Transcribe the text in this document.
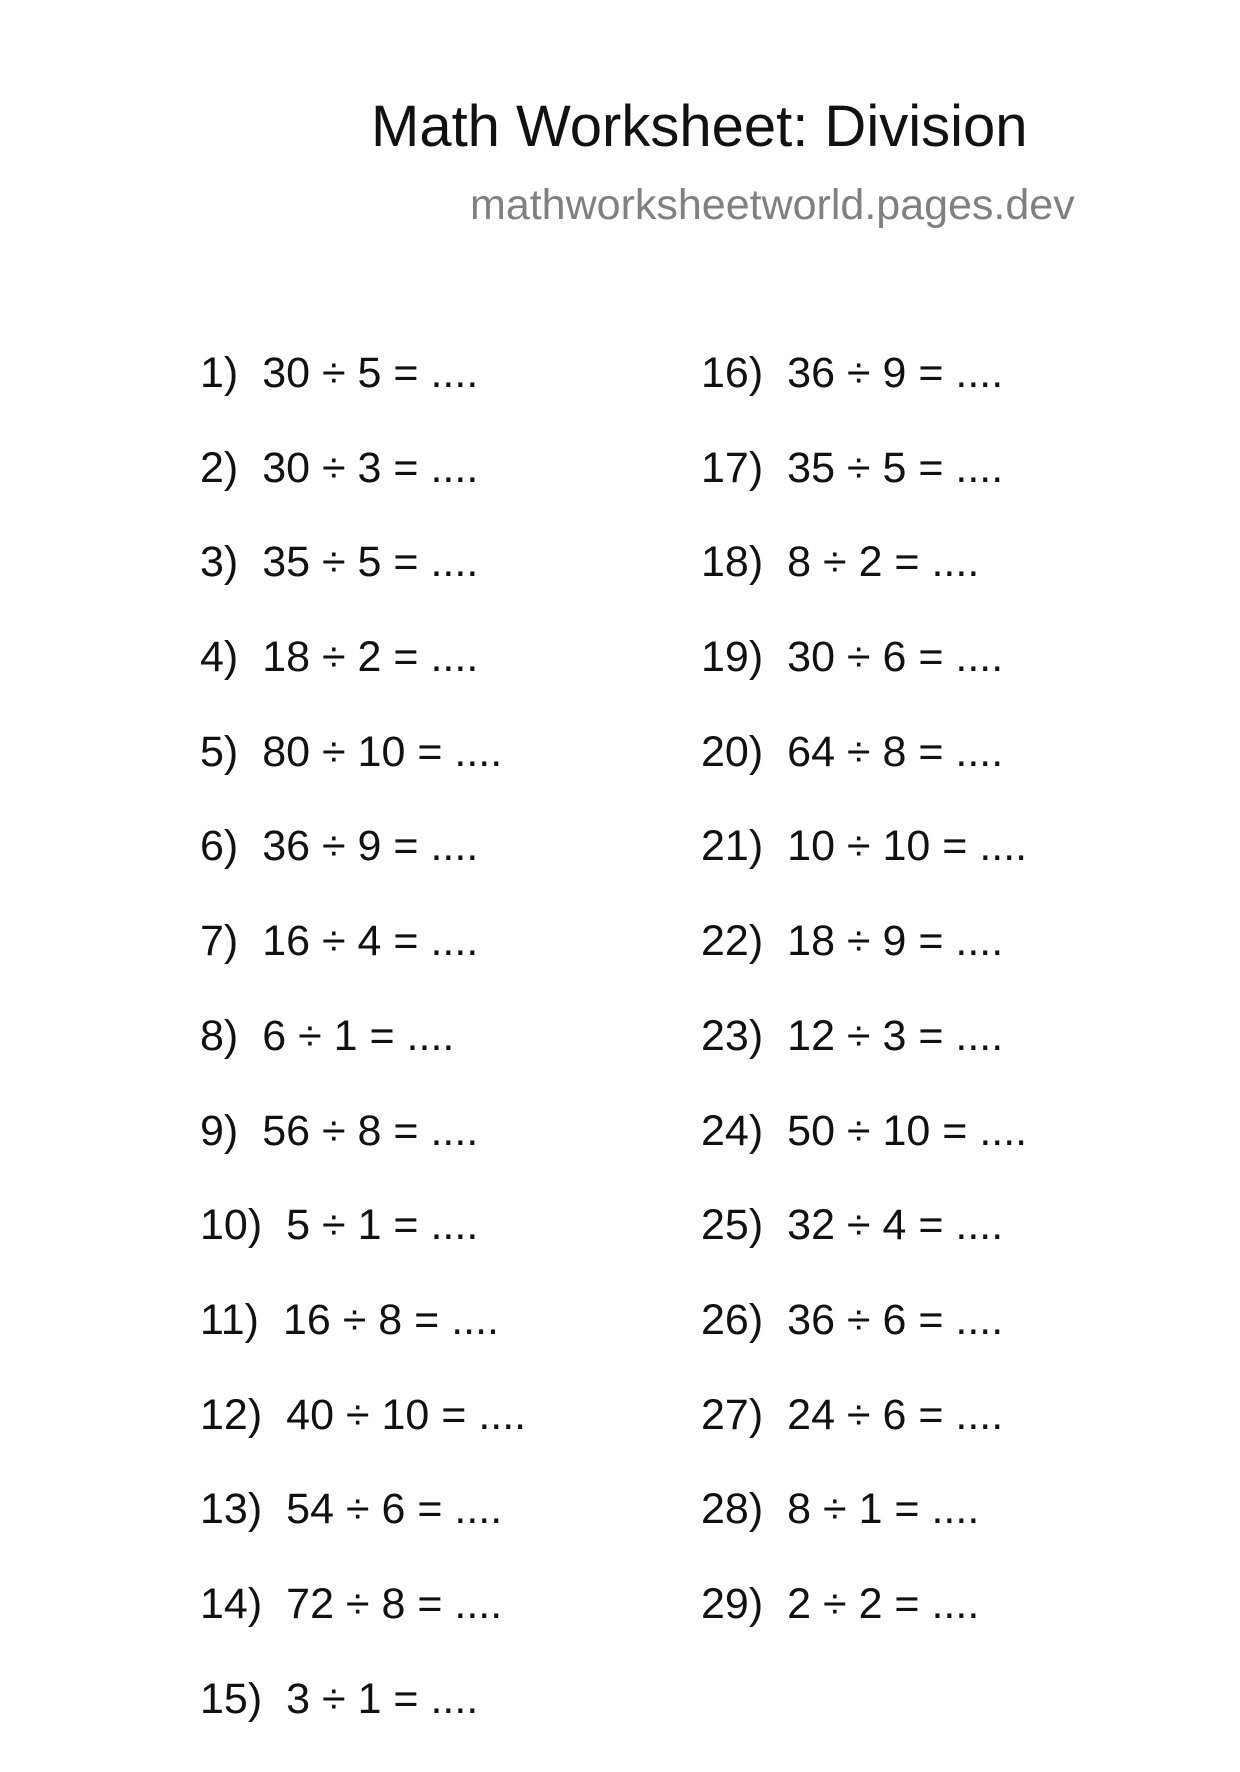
Math Worksheet: Division
mathworksheetworld.pages.dev
1) 30 ÷ 5 = ....
2) 30 ÷ 3 = ....
3) 35 ÷ 5 = ....
4) 18 ÷ 2 = ....
5) 80 ÷ 10 = ....
6) 36 ÷ 9 = ....
7) 16 ÷ 4 = ....
8) 6 ÷ 1 = ....
9) 56 ÷ 8 = ....
10) 5 ÷ 1 = ....
11) 16 ÷ 8 = ....
12) 40 ÷ 10 = ....
13) 54 ÷ 6 = ....
14) 72 ÷ 8 = ....
15) 3 ÷ 1 = ....
16) 36 ÷ 9 = ....
17) 35 ÷ 5 = ....
18) 8 ÷ 2 = ....
19) 30 ÷ 6 = ....
20) 64 ÷ 8 = ....
21) 10 ÷ 10 = ....
22) 18 ÷ 9 = ....
23) 12 ÷ 3 = ....
24) 50 ÷ 10 = ....
25) 32 ÷ 4 = ....
26) 36 ÷ 6 = ....
27) 24 ÷ 6 = ....
28) 8 ÷ 1 = ....
29) 2 ÷ 2 = ....
